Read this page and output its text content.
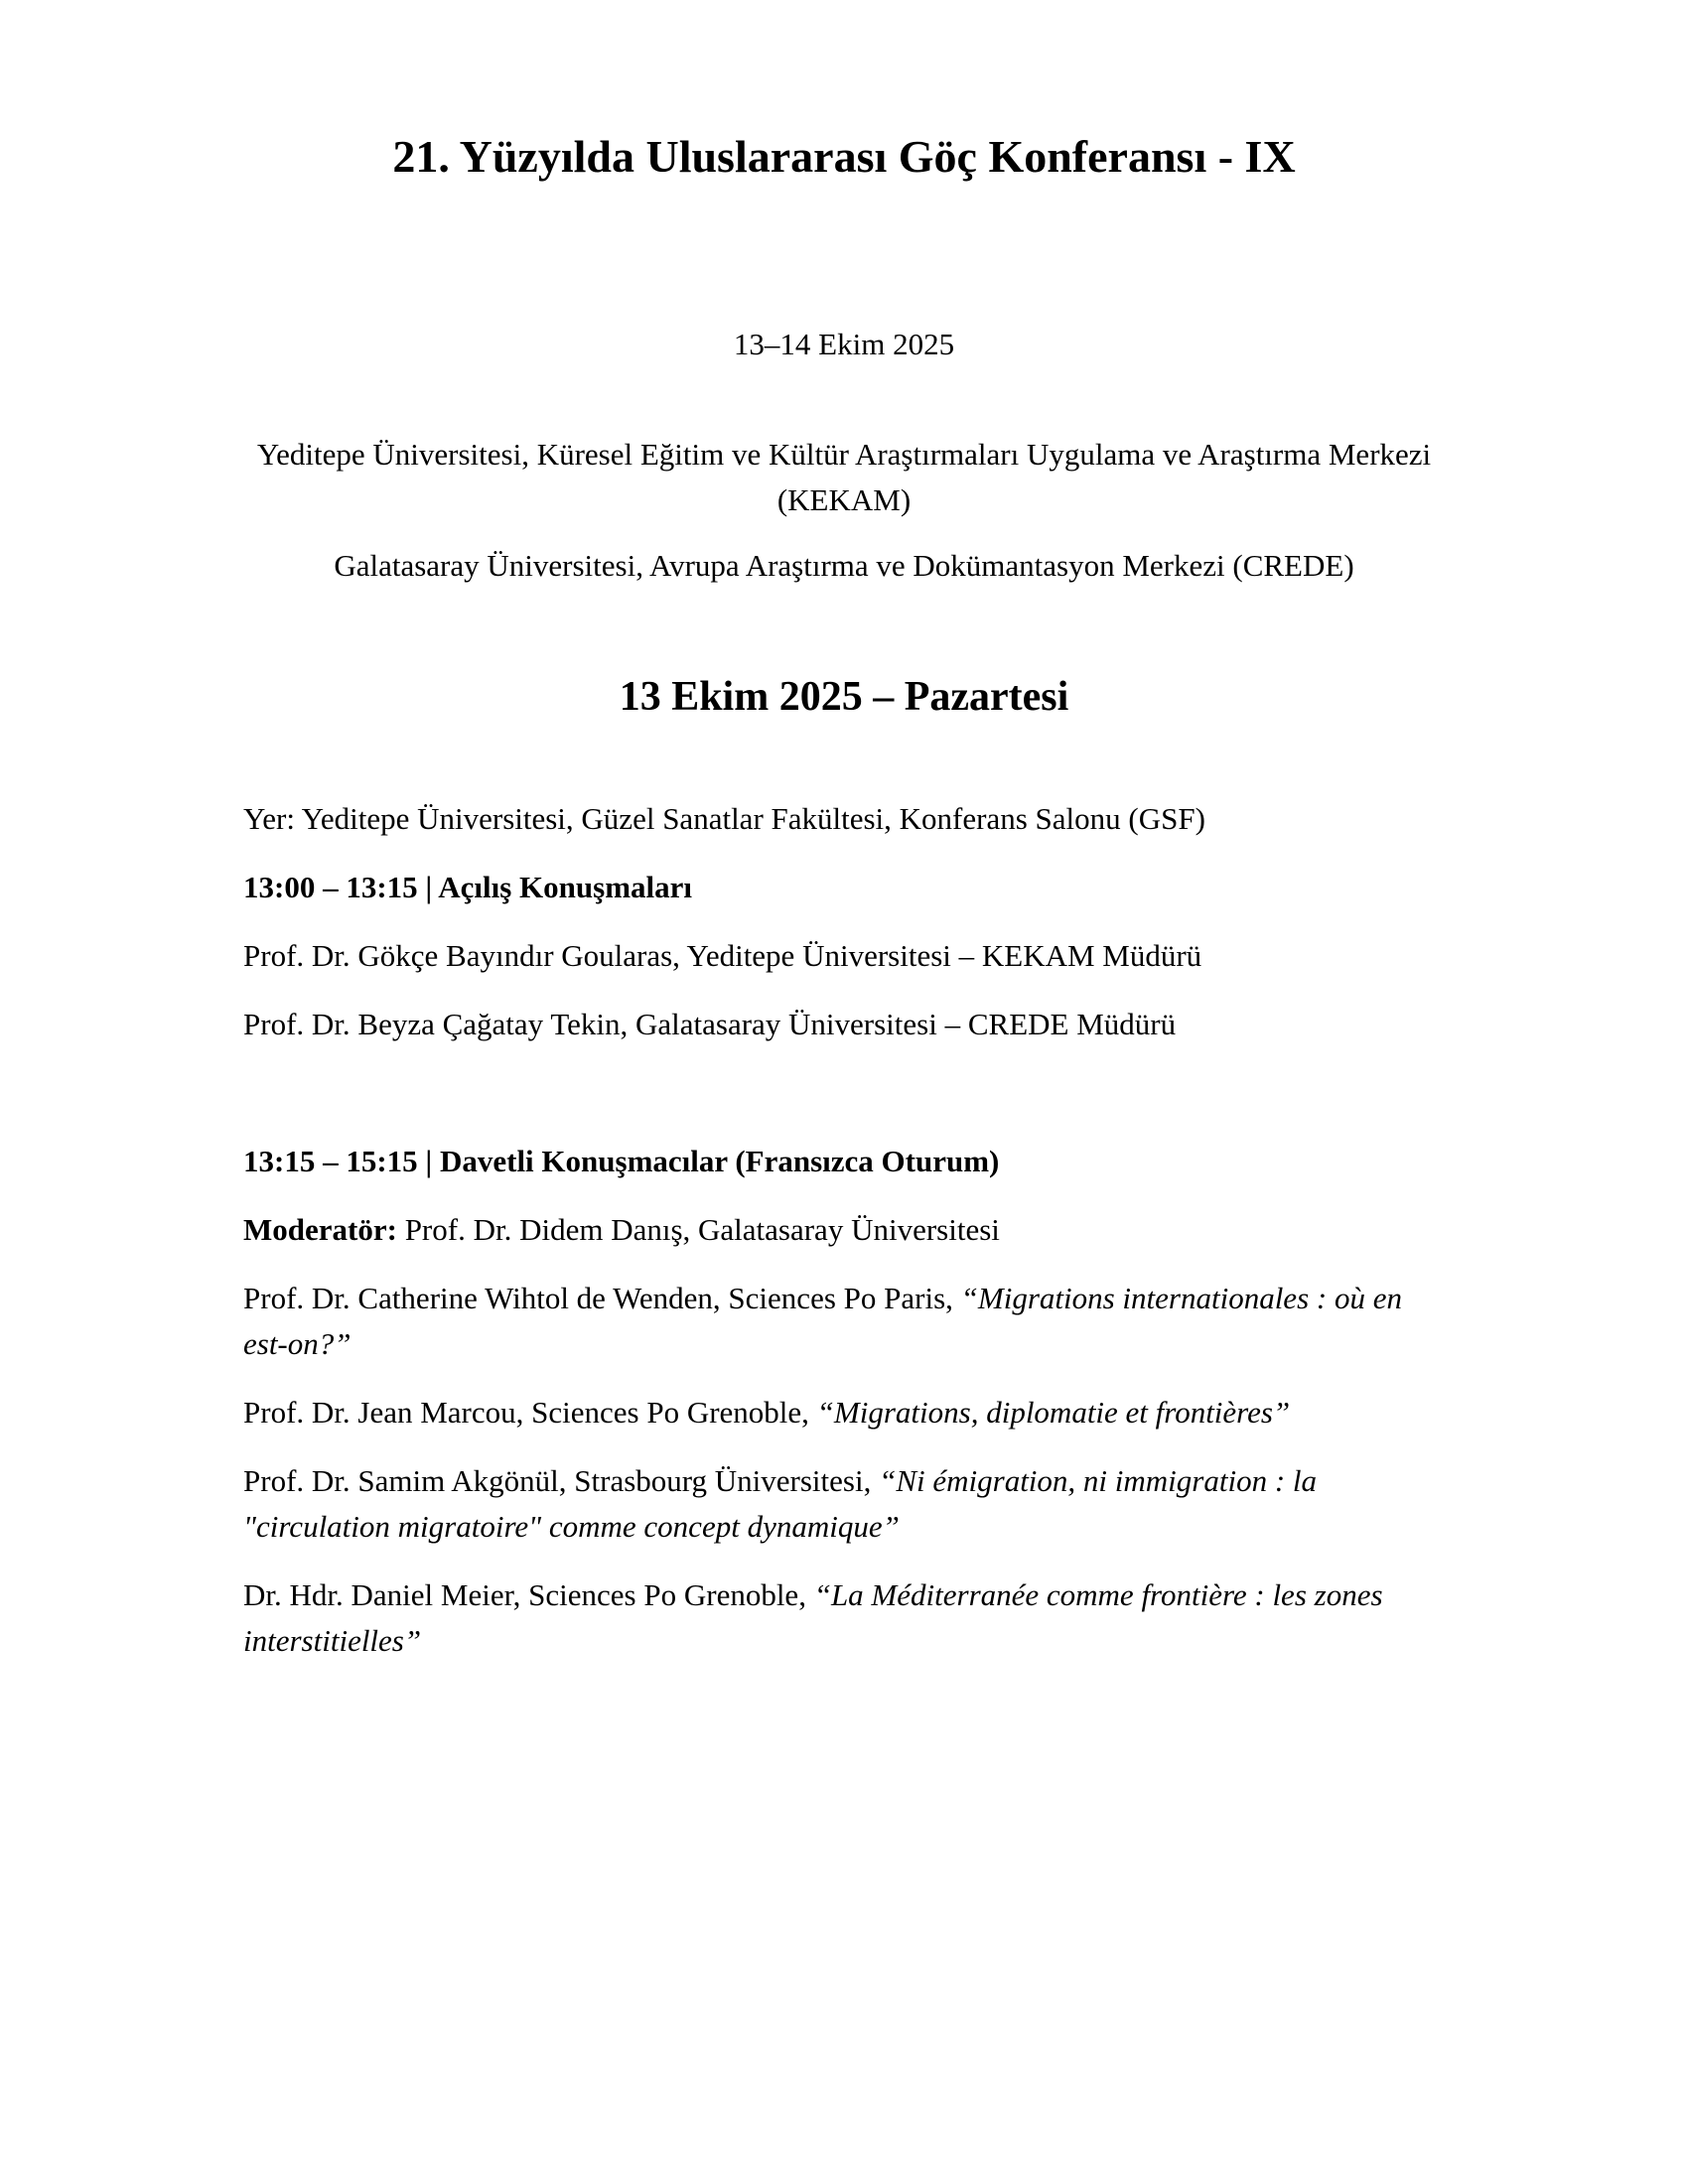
21. Yüzyılda Uluslararası Göç Konferansı - IX

13–14 Ekim 2025

Yeditepe Üniversitesi, Küresel Eğitim ve Kültür Araştırmaları Uygulama ve Araştırma Merkezi (KEKAM)

Galatasaray Üniversitesi, Avrupa Araştırma ve Dokümantasyon Merkezi (CREDE)

13 Ekim 2025 – Pazartesi

Yer: Yeditepe Üniversitesi, Güzel Sanatlar Fakültesi, Konferans Salonu (GSF)

13:00 – 13:15 | Açılış Konuşmaları

Prof. Dr. Gökçe Bayındır Goularas, Yeditepe Üniversitesi – KEKAM Müdürü

Prof. Dr. Beyza Çağatay Tekin, Galatasaray Üniversitesi – CREDE Müdürü

13:15 – 15:15 | Davetli Konuşmacılar (Fransızca Oturum)

Moderatör: Prof. Dr. Didem Danış, Galatasaray Üniversitesi

Prof. Dr. Catherine Wihtol de Wenden, Sciences Po Paris, “Migrations internationales : où en est-on?”

Prof. Dr. Jean Marcou, Sciences Po Grenoble, “Migrations, diplomatie et frontières”

Prof. Dr. Samim Akgönül, Strasbourg Üniversitesi, “Ni émigration, ni immigration : la "circulation migratoire" comme concept dynamique”

Dr. Hdr. Daniel Meier, Sciences Po Grenoble, “La Méditerranée comme frontière : les zones interstitielles”
